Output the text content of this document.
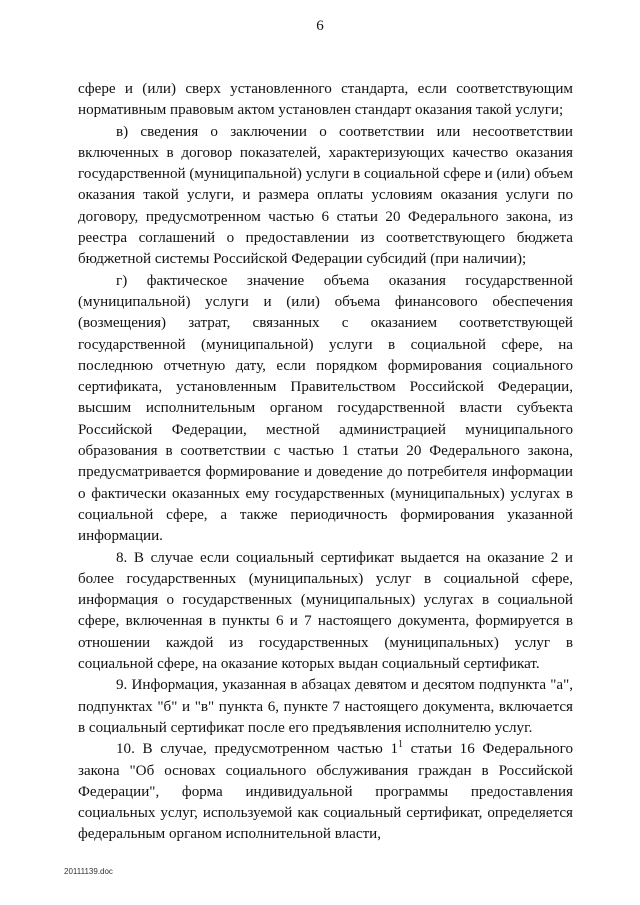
6

сфере и (или) сверх установленного стандарта, если соответствующим нормативным правовым актом установлен стандарт оказания такой услуги;

в) сведения о заключении о соответствии или несоответствии включенных в договор показателей, характеризующих качество оказания государственной (муниципальной) услуги в социальной сфере и (или) объем оказания такой услуги, и размера оплаты условиям оказания услуги по договору, предусмотренном частью 6 статьи 20 Федерального закона, из реестра соглашений о предоставлении из соответствующего бюджета бюджетной системы Российской Федерации субсидий (при наличии);

г) фактическое значение объема оказания государственной (муниципальной) услуги и (или) объема финансового обеспечения (возмещения) затрат, связанных с оказанием соответствующей государственной (муниципальной) услуги в социальной сфере, на последнюю отчетную дату, если порядком формирования социального сертификата, установленным Правительством Российской Федерации, высшим исполнительным органом государственной власти субъекта Российской Федерации, местной администрацией муниципального образования в соответствии с частью 1 статьи 20 Федерального закона, предусматривается формирование и доведение до потребителя информации о фактически оказанных ему государственных (муниципальных) услугах в социальной сфере, а также периодичность формирования указанной информации.

8. В случае если социальный сертификат выдается на оказание 2 и более государственных (муниципальных) услуг в социальной сфере, информация о государственных (муниципальных) услугах в социальной сфере, включенная в пункты 6 и 7 настоящего документа, формируется в отношении каждой из государственных (муниципальных) услуг в социальной сфере, на оказание которых выдан социальный сертификат.

9. Информация, указанная в абзацах девятом и десятом подпункта "а", подпунктах "б" и "в" пункта 6, пункте 7 настоящего документа, включается в социальный сертификат после его предъявления исполнителю услуг.

10. В случае, предусмотренном частью $1^1$ статьи 16 Федерального закона "Об основах социального обслуживания граждан в Российской Федерации", форма индивидуальной программы предоставления социальных услуг, используемой как социальный сертификат, определяется федеральным органом исполнительной власти,

20111139.doc
